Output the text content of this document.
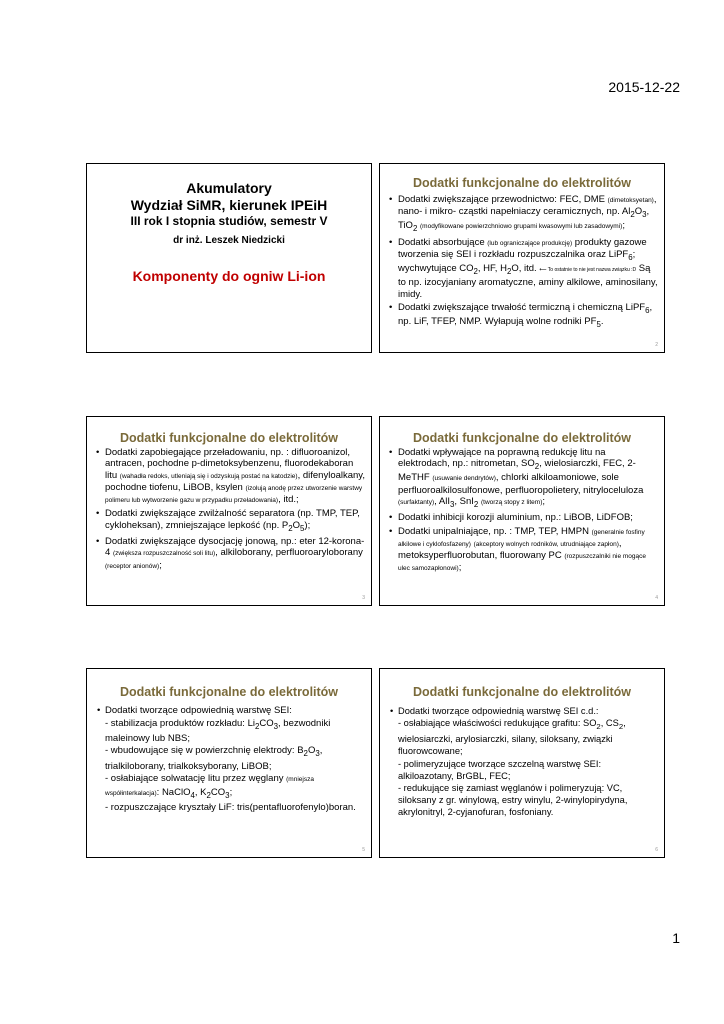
2015-12-22
Akumulatory
Wydział SiMR, kierunek IPEiH
III rok I stopnia studiów, semestr V
dr inż. Leszek Niedzicki
Komponenty do ogniw Li-ion
Dodatki funkcjonalne do elektrolitów
• Dodatki zwiększające przewodnictwo: FEC, DME (dimetoksyetan), nano- i mikro- cząstki napełniaczy ceramicznych, np. $Al_2O_3$, TiO$_2$ (modyfikowane powierzchniowo grupami kwasowymi lub zasadowymi);
• Dodatki absorbujące (lub ograniczające produkcję) produkty gazowe tworzenia się SEI i rozkładu rozpuszczalnika oraz LiPF$_6$; wychwytujące $CO_2$, HF, $H_2O$, itd. ⟵ To ostatnie to nie jest nazwa związku :D Są to np. izocyjaniany aromatyczne, aminy alkilowe, aminosilany, imidy.
• Dodatki zwiększające trwałość termiczną i chemiczną LiPF$_6$, np. LiF, TFEP, NMP. Wyłapują wolne rodniki $PF_5$.
2
Dodatki funkcjonalne do elektrolitów
• Dodatki zapobiegające przeładowaniu, np. : difluoroanizol, antracen, pochodne p-dimetoksybenzenu, fluorodekaboran litu (wahadła redoks, utleniają się i odzyskują postać na katodzie), difenyloalkany, pochodne tiofenu, LiBOB, ksylen (izolują anodę przez utworzenie warstwy polimeru lub wytworzenie gazu w przypadku przeładowania), itd.;
• Dodatki zwiększające zwilżalność separatora (np. TMP, TEP, cykloheksan), zmniejszające lepkość (np. $P_2O_5$);
• Dodatki zwiększające dysocjację jonową, np.: eter 12-korona-4 (zwiększa rozpuszczalność soli litu), alkiloborany, perfluoroaryloborany (receptor anionów);
3
Dodatki funkcjonalne do elektrolitów
• Dodatki wpływające na poprawną redukcję litu na elektrodach, np.: nitrometan, $SO_2$, wielosiarczki, FEC, 2-MeTHF (usuwanie dendrytów), chlorki alkiloamoniowe, sole perfluoroalkilosulfonowe, perfluoropolietery, nitryloceluloza (surfaktanty), AlI$_3$, SnI$_2$ (tworzą stopy z litem);
• Dodatki inhibicji korozji aluminium, np.: LiBOB, LiDFOB;
• Dodatki unipalniające, np. : TMP, TEP, HMPN (generalnie fosfiny alkilowe i cyklofosfazeny) (akceptory wolnych rodników, utrudniające zapłon), metoksyperfluorobutan, fluorowany PC (rozpuszczalniki nie mogące ulec samozapłonowi);
4
Dodatki funkcjonalne do elektrolitów
• Dodatki tworzące odpowiednią warstwę SEI:
- stabilizacja produktów rozkładu: $Li_2CO_3$, bezwodniki maleinowy lub NBS;
- wbudowujące się w powierzchnię elektrody: $B_2O_3$, trialkiloborany, trialkoksyborany, LiBOB;
- osłabiające solwatację litu przez węglany (mniejsza współinterkalacja): NaClO$_4$, $K_2CO_3$;
- rozpuszczające kryształy LiF: tris(pentafluorofenylo)boran.
5
Dodatki funkcjonalne do elektrolitów
• Dodatki tworzące odpowiednią warstwę SEI c.d.:
- osłabiające właściwości redukujące grafitu: $SO_2$, $CS_2$, wielosiarczki, arylosiarczki, silany, siloksany, związki fluorowcowane;
- polimeryzujące tworzące szczelną warstwę SEI: alkiloazotany, BrGBL, FEC;
- redukujące się zamiast węglanów i polimeryzują: VC, siloksany z gr. winylową, estry winylu, 2-winylopirydyna, akrylonitryl, 2-cyjanofuran, fosfoniany.
6
1
